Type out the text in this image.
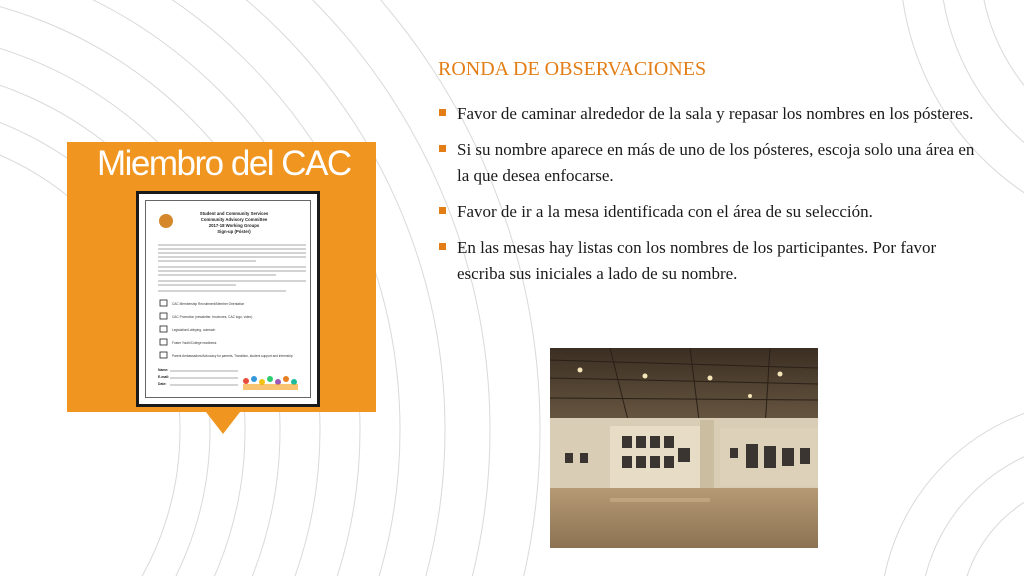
Miembro del CAC
Student and Community Services
Community Advisory Committee
2017-18 Working Groups
Sign-up (Póster)
CAC Membership Recruitment/Member Orientation
CAC Promotion (newsletter, brochures, CAC logo, video)
Legislation/Lobbying, outreach
Foster Youth/College readiness
Parent Ambassadors/Advocacy for parents, Transition, student support and internship
Name:
E-mail:
Date:
RONDA DE OBSERVACIONES
Favor de caminar alrededor de la sala y repasar los nombres en los pósteres.
Si su nombre aparece en más de uno de los pósteres, escoja solo una área en la que desea enfocarse.
Favor de ir a la mesa identificada con el área de su selección.
En las mesas hay listas con los nombres de los participantes. Por favor escriba sus iniciales a lado de su nombre.
